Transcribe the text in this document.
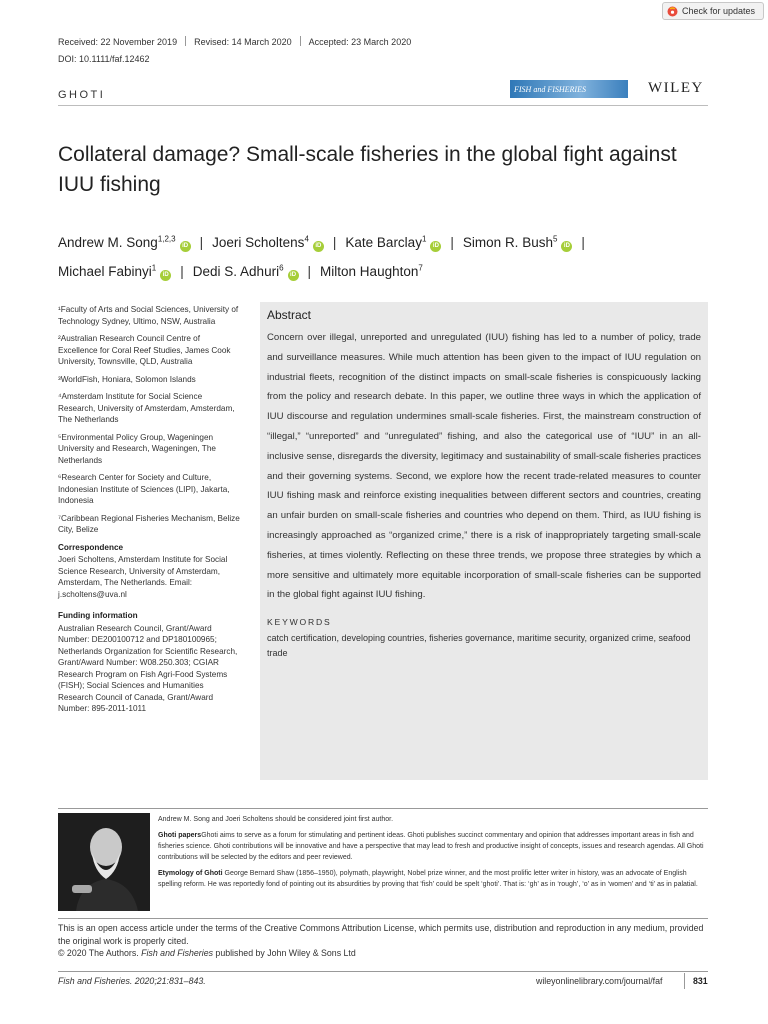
Check for updates
Received: 22 November 2019 Revised: 14 March 2020 Accepted: 23 March 2020
DOI: 10.1111/faf.12462
GHOTI	FISH and FISHERIES	WILEY
Collateral damage? Small-scale fisheries in the global fight against IUU fishing
Andrew M. Song$^{1,2,3}$iD | Joeri Scholtens$^4$iD | Kate Barclay$^1$iD | Simon R. Bush$^5$iD |
Michael Fabinyi$^1$iD | Dedi S. Adhuri$^6$iD | Milton Haughton$^7$

¹Faculty of Arts and Social Sciences, University of Technology Sydney, Ultimo, NSW, Australia

²Australian Research Council Centre of Excellence for Coral Reef Studies, James Cook University, Townsville, QLD, Australia

³WorldFish, Honiara, Solomon Islands

⁴Amsterdam Institute for Social Science Research, University of Amsterdam, Amsterdam, The Netherlands

⁵Environmental Policy Group, Wageningen University and Research, Wageningen, The Netherlands

⁶Research Center for Society and Culture, Indonesian Institute of Sciences (LIPI), Jakarta, Indonesia

⁷Caribbean Regional Fisheries Mechanism, Belize City, Belize

Correspondence

Joeri Scholtens, Amsterdam Institute for Social Science Research, University of Amsterdam, Amsterdam, The Netherlands. Email: j.scholtens@uva.nl

Funding information

Australian Research Council, Grant/Award Number: DE200100712 and DP180100965; Netherlands Organization for Scientific Research, Grant/Award Number: W08.250.303; CGIAR Research Program on Fish Agri-Food Systems (FISH); Social Sciences and Humanities Research Council of Canada, Grant/Award Number: 895-2011-1011

Abstract

Concern over illegal, unreported and unregulated (IUU) fishing has led to a number of policy, trade and surveillance measures. While much attention has been given to the impact of IUU regulation on industrial fleets, recognition of the distinct impacts on small-scale fisheries is conspicuously lacking from the policy and research debate. In this paper, we outline three ways in which the application of IUU discourse and regulation undermines small-scale fisheries. First, the mainstream construction of “illegal,” “unreported” and “unregulated” fishing, and also the categorical use of “IUU” in an all-inclusive sense, disregards the diversity, legitimacy and sustainability of small-scale fisheries practices and their governing systems. Second, we explore how the recent trade-related measures to counter IUU fishing mask and reinforce existing inequalities between different sectors and countries, creating an unfair burden on small-scale fisheries and countries who depend on them. Third, as IUU fishing is increasingly approached as “organized crime,” there is a risk of inappropriately targeting small-scale fisheries, at times violently. Reflecting on these three trends, we propose three strategies by which a more sensitive and ultimately more equitable incorporation of small-scale fisheries can be supported in the global fight against IUU fishing.

KEYWORDS

catch certification, developing countries, fisheries governance, maritime security, organized crime, seafood trade

Andrew M. Song and Joeri Scholtens should be considered joint first author.

Ghoti papersGhoti aims to serve as a forum for stimulating and pertinent ideas. Ghoti publishes succinct commentary and opinion that addresses important areas in fish and fisheries science. Ghoti contributions will be innovative and have a perspective that may lead to fresh and productive insight of concepts, issues and research agendas. All Ghoti contributions will be selected by the editors and peer reviewed.

Etymology of Ghoti George Bernard Shaw (1856–1950), polymath, playwright, Nobel prize winner, and the most prolific letter writer in history, was an advocate of English spelling reform. He was reportedly fond of pointing out its absurdities by proving that ‘fish’ could be spelt ‘ghoti’. That is: ‘gh’ as in ‘rough’, ‘o’ as in ‘women’ and ‘ti’ as in palatial.

This is an open access article under the terms of the Creative Commons Attribution License, which permits use, distribution and reproduction in any medium, provided the original work is properly cited.

© 2020 The Authors. Fish and Fisheries published by John Wiley & Sons Ltd

Fish and Fisheries. 2020;21:831–843.	wileyonlinelibrary.com/journal/faf	831
